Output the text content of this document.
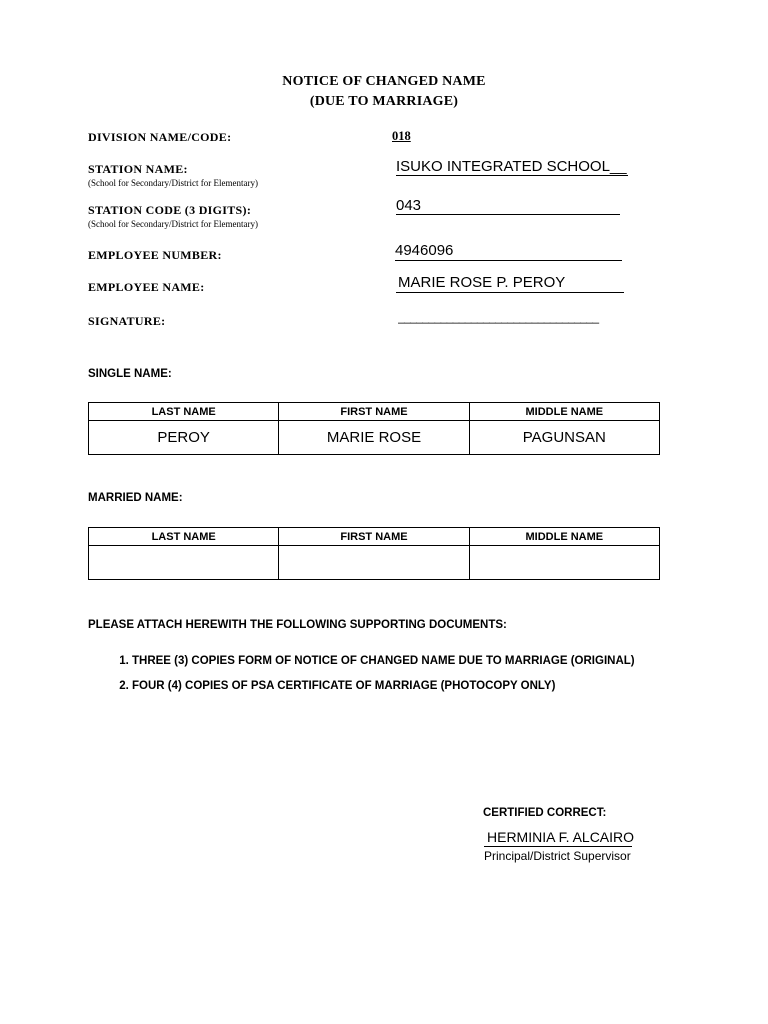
NOTICE OF CHANGED NAME
(DUE TO MARRIAGE)
DIVISION NAME/CODE:	018
STATION NAME:
(School for Secondary/District for Elementary)
ISUKO INTEGRATED SCHOOL__
STATION CODE (3 DIGITS):
(School for Secondary/District for Elementary)
043
EMPLOYEE NUMBER:	4946096
EMPLOYEE NAME:	MARIE ROSE P. PEROY
SIGNATURE:	_________________________________
SINGLE NAME:
LAST NAME	FIRST NAME	MIDDLE NAME
PEROY	MARIE ROSE	PAGUNSAN
MARRIED NAME:
LAST NAME	FIRST NAME	MIDDLE NAME

PLEASE ATTACH HEREWITH THE FOLLOWING SUPPORTING DOCUMENTS:
1. THREE (3) COPIES FORM OF NOTICE OF CHANGED NAME DUE TO MARRIAGE (ORIGINAL)
2. FOUR (4) COPIES OF PSA CERTIFICATE OF MARRIAGE (PHOTOCOPY ONLY)
CERTIFIED CORRECT:
HERMINIA F. ALCAIRO
Principal/District Supervisor
